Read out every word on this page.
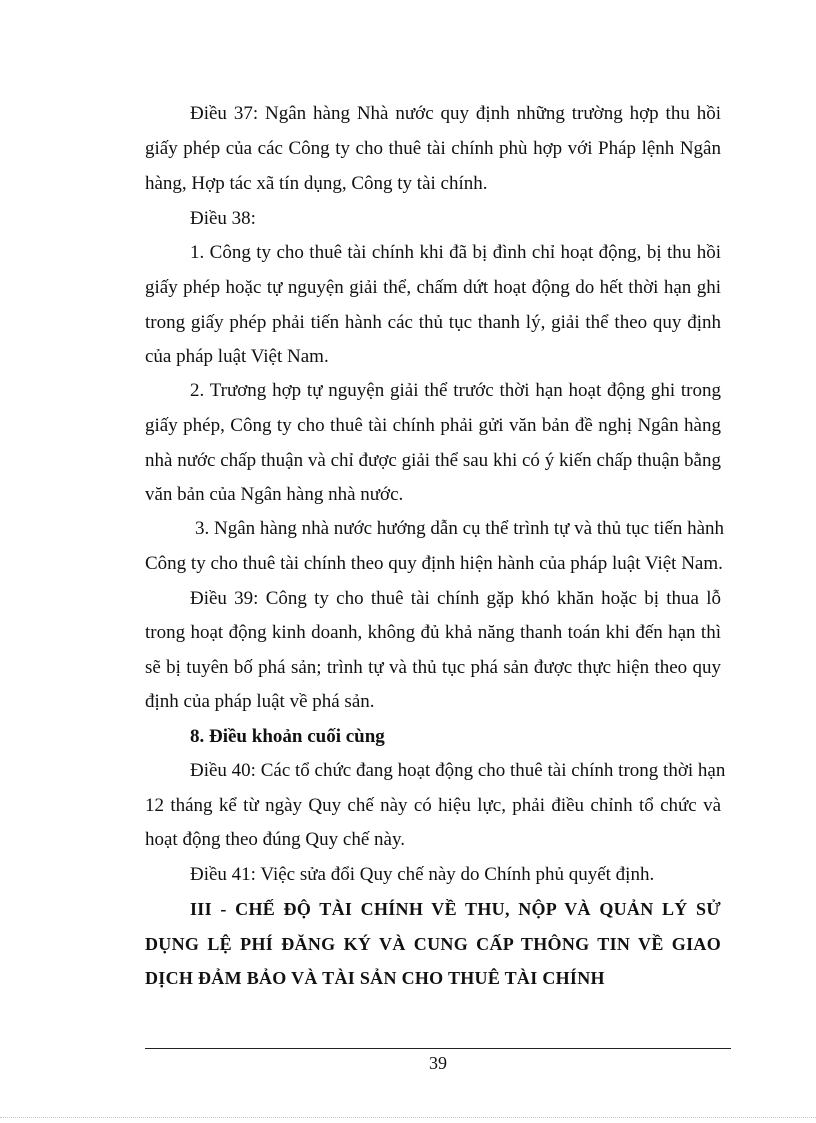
Điều 37: Ngân hàng Nhà nước quy định những trường hợp thu hồi
giấy phép của các Công ty cho thuê tài chính phù hợp với Pháp lệnh Ngân
hàng, Hợp tác xã tín dụng, Công ty tài chính.
Điều 38:
1. Công ty cho thuê tài chính khi đã bị đình chỉ hoạt động, bị thu hồi
giấy phép hoặc tự nguyện giải thể, chấm dứt hoạt động do hết thời hạn ghi
trong giấy phép phải tiến hành các thủ tục thanh lý, giải thể theo quy định
của pháp luật Việt Nam.
2. Trương hợp tự nguyện giải thể trước thời hạn hoạt động ghi trong
giấy phép, Công ty cho thuê tài chính phải gửi văn bản đề nghị Ngân hàng
nhà nước chấp thuận và chỉ được giải thể sau khi có ý kiến chấp thuận bằng
văn bản của Ngân hàng nhà nước.
3. Ngân hàng nhà nước hướng dẫn cụ thể trình tự và thủ tục tiến hành
Công ty cho thuê tài chính theo quy định hiện hành của pháp luật Việt Nam.
Điều 39: Công ty cho thuê tài chính gặp khó khăn hoặc bị thua lỗ
trong hoạt động kinh doanh, không đủ khả năng thanh toán khi đến hạn thì
sẽ bị tuyên bố phá sản; trình tự và thủ tục phá sản được thực hiện theo quy
định của pháp luật về phá sản.
8. Điều khoản cuối cùng
Điều 40: Các tổ chức đang hoạt động cho thuê tài chính trong thời hạn
12 tháng kể từ ngày Quy chế này có hiệu lực, phải điều chỉnh tổ chức và
hoạt động theo đúng Quy chế này.
Điều 41: Việc sửa đổi Quy chế này do Chính phủ quyết định.
III - CHẾ ĐỘ TÀI CHÍNH VỀ THU, NỘP VÀ QUẢN LÝ SỬ
DỤNG LỆ PHÍ ĐĂNG KÝ VÀ CUNG CẤP THÔNG TIN VỀ GIAO
DỊCH ĐẢM BẢO VÀ TÀI SẢN CHO THUÊ TÀI CHÍNH
39
